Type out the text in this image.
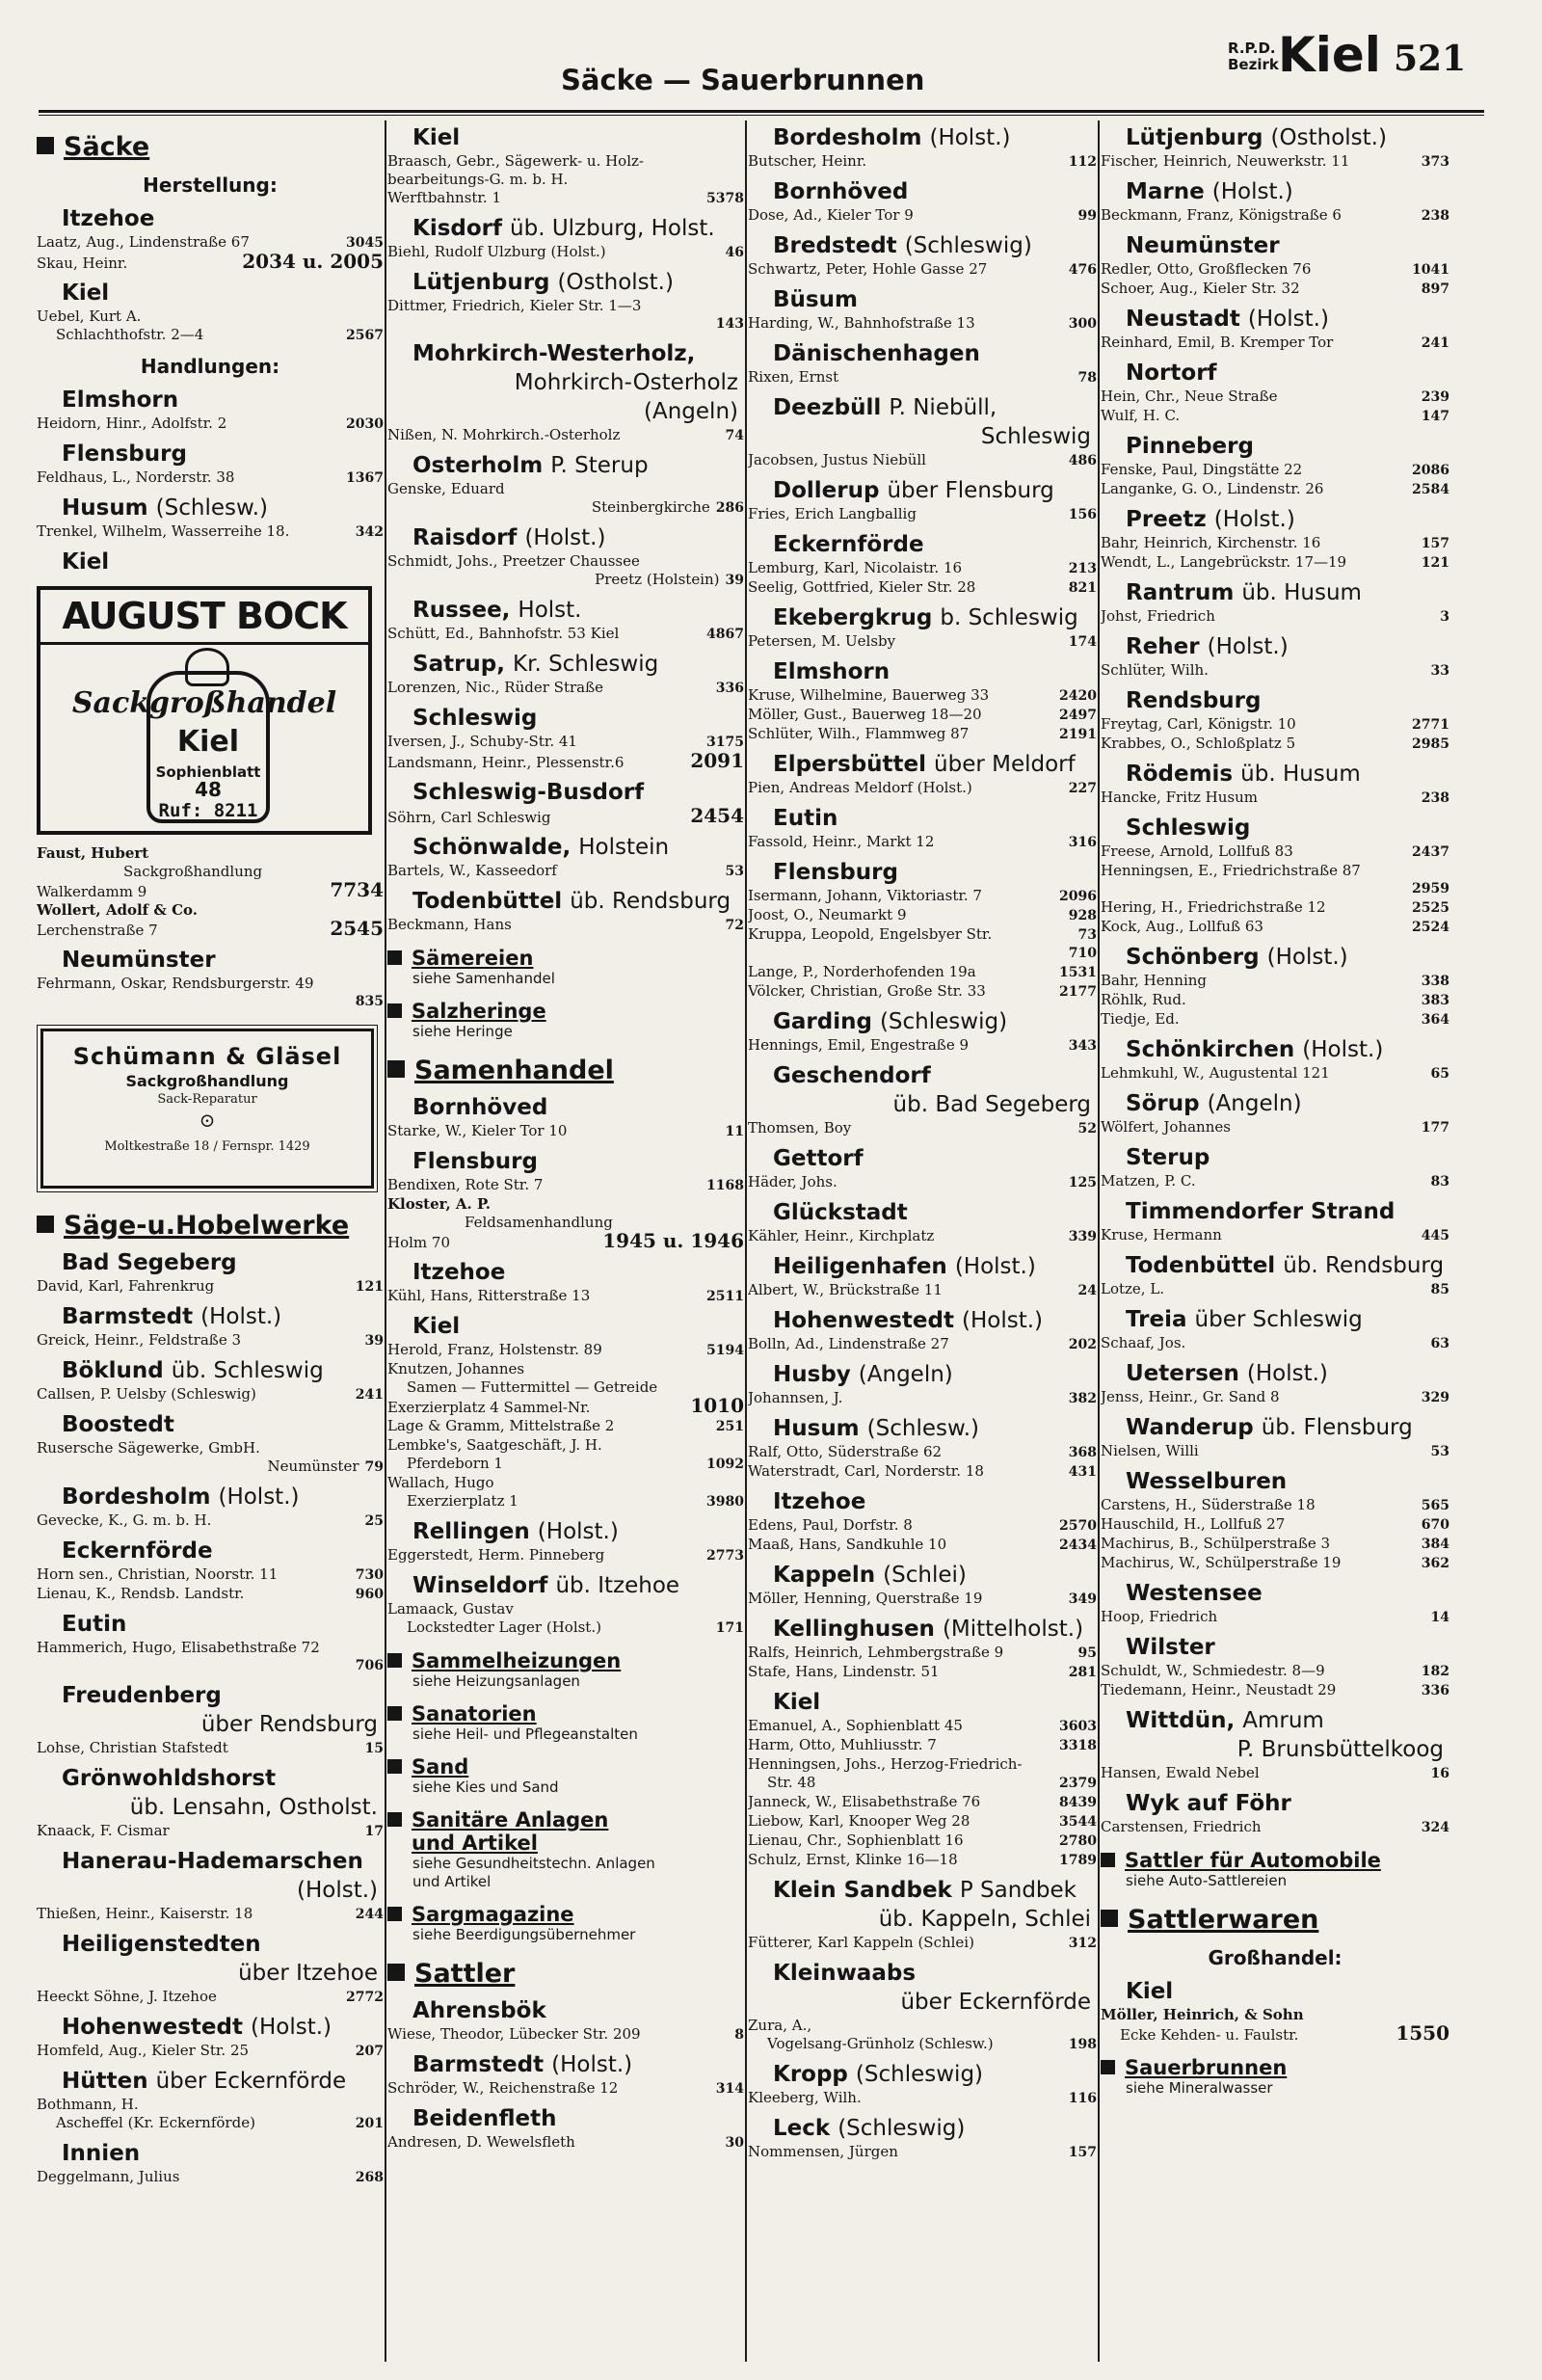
Säcke — Sauerbrunnen
R.P.D.
Bezirk Kiel 521
Säcke
Herstellung:
Itzehoe
Laatz, Aug., Lindenstraße 67	3045
Skau, Heinr.	2034 u. 2005
Kiel
Uebel, Kurt A.
Schlachthofstr. 2—4	2567
Handlungen:
Elmshorn
Heidorn, Hinr., Adolfstr. 2	2030
Flensburg
Feldhaus, L., Norderstr. 38	1367
Husum (Schlesw.)
Trenkel, Wilhelm, Wasserreihe 18.	342
Kiel
AUGUST BOCK
Sackgroßhandel
Kiel
Sophienblatt
48
Ruf: 8211
Faust, Hubert
Sackgroßhandlung
Walkerdamm 9	7734
Wollert, Adolf & Co.
Lerchenstraße 7	2545
Neumünster
Fehrmann, Oskar, Rendsburgerstr. 49
835
Schümann & Gläsel
Sackgroßhandlung
Sack-Reparatur
⊙
Moltkestraße 18 / Fernspr. 1429
Säge-u.Hobelwerke
Bad Segeberg
David, Karl, Fahrenkrug	121
Barmstedt (Holst.)
Greick, Heinr., Feldstraße 3	39
Böklund üb. Schleswig
Callsen, P. Uelsby (Schleswig)	241
Boostedt
Rusersche Sägewerke, GmbH.
Neumünster 79
Bordesholm (Holst.)
Gevecke, K., G. m. b. H.	25
Eckernförde
Horn sen., Christian, Noorstr. 11	730
Lienau, K., Rendsb. Landstr.	960
Eutin
Hammerich, Hugo, Elisabethstraße 72
706
Freudenberg
über Rendsburg
Lohse, Christian Stafstedt	15
Grönwohldshorst
üb. Lensahn, Ostholst.
Knaack, F. Cismar	17
Hanerau-Hademarschen
(Holst.)
Thießen, Heinr., Kaiserstr. 18	244
Heiligenstedten
über Itzehoe
Heeckt Söhne, J. Itzehoe	2772
Hohenwestedt (Holst.)
Homfeld, Aug., Kieler Str. 25	207
Hütten über Eckernförde
Bothmann, H.
Ascheffel (Kr. Eckernförde)	201
Innien
Deggelmann, Julius	268
Kiel
Braasch, Gebr., Sägewerk- u. Holz-
bearbeitungs-G. m. b. H.
Werftbahnstr. 1	5378
Kisdorf üb. Ulzburg, Holst.
Biehl, Rudolf Ulzburg (Holst.)	46
Lütjenburg (Ostholst.)
Dittmer, Friedrich, Kieler Str. 1—3
143
Mohrkirch-Westerholz,
Mohrkirch-Osterholz
(Angeln)
Nißen, N. Mohrkirch.-Osterholz	74
Osterholm P. Sterup
Genske, Eduard
Steinbergkirche 286
Raisdorf (Holst.)
Schmidt, Johs., Preetzer Chaussee
Preetz (Holstein) 39
Russee, Holst.
Schütt, Ed., Bahnhofstr. 53 Kiel	4867
Satrup, Kr. Schleswig
Lorenzen, Nic., Rüder Straße	336
Schleswig
Iversen, J., Schuby-Str. 41	3175
Landsmann, Heinr., Plessenstr.6	2091
Schleswig-Busdorf
Söhrn, Carl Schleswig	2454
Schönwalde, Holstein
Bartels, W., Kasseedorf	53
Todenbüttel üb. Rendsburg
Beckmann, Hans	72
Sämereien
siehe Samenhandel
Salzheringe
siehe Heringe
Samenhandel
Bornhöved
Starke, W., Kieler Tor 10	11
Flensburg
Bendixen, Rote Str. 7	1168
Kloster, A. P.
Feldsamenhandlung
Holm 70	1945 u. 1946
Itzehoe
Kühl, Hans, Ritterstraße 13	2511
Kiel
Herold, Franz, Holstenstr. 89	5194
Knutzen, Johannes
Samen — Futtermittel — Getreide
Exerzierplatz 4 Sammel-Nr.	1010
Lage & Gramm, Mittelstraße 2	251
Lembke's, Saatgeschäft, J. H.
Pferdeborn 1	1092
Wallach, Hugo
Exerzierplatz 1	3980
Rellingen (Holst.)
Eggerstedt, Herm. Pinneberg	2773
Winseldorf üb. Itzehoe
Lamaack, Gustav
Lockstedter Lager (Holst.)	171
Sammelheizungen
siehe Heizungsanlagen
Sanatorien
siehe Heil- und Pflegeanstalten
Sand
siehe Kies und Sand
Sanitäre Anlagen
und Artikel
siehe Gesundheitstechn. Anlagen
und Artikel
Sargmagazine
siehe Beerdigungsübernehmer
Sattler
Ahrensbök
Wiese, Theodor, Lübecker Str. 209	8
Barmstedt (Holst.)
Schröder, W., Reichenstraße 12	314
Beidenfleth
Andresen, D. Wewelsfleth	30
Bordesholm (Holst.)
Butscher, Heinr.	112
Bornhöved
Dose, Ad., Kieler Tor 9	99
Bredstedt (Schleswig)
Schwartz, Peter, Hohle Gasse 27	476
Büsum
Harding, W., Bahnhofstraße 13	300
Dänischenhagen
Rixen, Ernst	78
Deezbüll P. Niebüll,
Schleswig
Jacobsen, Justus Niebüll	486
Dollerup über Flensburg
Fries, Erich Langballig	156
Eckernförde
Lemburg, Karl, Nicolaistr. 16	213
Seelig, Gottfried, Kieler Str. 28	821
Ekebergkrug b. Schleswig
Petersen, M. Uelsby	174
Elmshorn
Kruse, Wilhelmine, Bauerweg 33	2420
Möller, Gust., Bauerweg 18—20	2497
Schlüter, Wilh., Flammweg 87	2191
Elpersbüttel über Meldorf
Pien, Andreas Meldorf (Holst.)	227
Eutin
Fassold, Heinr., Markt 12	316
Flensburg
Isermann, Johann, Viktoriastr. 7	2096
Joost, O., Neumarkt 9	928
Kruppa, Leopold, Engelsbyer Str.	73
710
Lange, P., Norderhofenden 19a	1531
Völcker, Christian, Große Str. 33	2177
Garding (Schleswig)
Hennings, Emil, Engestraße 9	343
Geschendorf
üb. Bad Segeberg
Thomsen, Boy	52
Gettorf
Häder, Johs.	125
Glückstadt
Kähler, Heinr., Kirchplatz	339
Heiligenhafen (Holst.)
Albert, W., Brückstraße 11	24
Hohenwestedt (Holst.)
Bolln, Ad., Lindenstraße 27	202
Husby (Angeln)
Johannsen, J.	382
Husum (Schlesw.)
Ralf, Otto, Süderstraße 62	368
Waterstradt, Carl, Norderstr. 18	431
Itzehoe
Edens, Paul, Dorfstr. 8	2570
Maaß, Hans, Sandkuhle 10	2434
Kappeln (Schlei)
Möller, Henning, Querstraße 19	349
Kellinghusen (Mittelholst.)
Ralfs, Heinrich, Lehmbergstraße 9	95
Stafe, Hans, Lindenstr. 51	281
Kiel
Emanuel, A., Sophienblatt 45	3603
Harm, Otto, Muhliusstr. 7	3318
Henningsen, Johs., Herzog-Friedrich-
Str. 48	2379
Janneck, W., Elisabethstraße 76	8439
Liebow, Karl, Knooper Weg 28	3544
Lienau, Chr., Sophienblatt 16	2780
Schulz, Ernst, Klinke 16—18	1789
Klein Sandbek P Sandbek
üb. Kappeln, Schlei
Fütterer, Karl Kappeln (Schlei)	312
Kleinwaabs
über Eckernförde
Zura, A.,
Vogelsang-Grünholz (Schlesw.)	198
Kropp (Schleswig)
Kleeberg, Wilh.	116
Leck (Schleswig)
Nommensen, Jürgen	157
Lütjenburg (Ostholst.)
Fischer, Heinrich, Neuwerkstr. 11	373
Marne (Holst.)
Beckmann, Franz, Königstraße 6	238
Neumünster
Redler, Otto, Großflecken 76	1041
Schoer, Aug., Kieler Str. 32	897
Neustadt (Holst.)
Reinhard, Emil, B. Kremper Tor	241
Nortorf
Hein, Chr., Neue Straße	239
Wulf, H. C.	147
Pinneberg
Fenske, Paul, Dingstätte 22	2086
Langanke, G. O., Lindenstr. 26	2584
Preetz (Holst.)
Bahr, Heinrich, Kirchenstr. 16	157
Wendt, L., Langebrückstr. 17—19	121
Rantrum üb. Husum
Johst, Friedrich	3
Reher (Holst.)
Schlüter, Wilh.	33
Rendsburg
Freytag, Carl, Königstr. 10	2771
Krabbes, O., Schloßplatz 5	2985
Rödemis üb. Husum
Hancke, Fritz Husum	238
Schleswig
Freese, Arnold, Lollfuß 83	2437
Henningsen, E., Friedrichstraße 87
2959
Hering, H., Friedrichstraße 12	2525
Kock, Aug., Lollfuß 63	2524
Schönberg (Holst.)
Bahr, Henning	338
Röhlk, Rud.	383
Tiedje, Ed.	364
Schönkirchen (Holst.)
Lehmkuhl, W., Augustental 121	65
Sörup (Angeln)
Wölfert, Johannes	177
Sterup
Matzen, P. C.	83
Timmendorfer Strand
Kruse, Hermann	445
Todenbüttel üb. Rendsburg
Lotze, L.	85
Treia über Schleswig
Schaaf, Jos.	63
Uetersen (Holst.)
Jenss, Heinr., Gr. Sand 8	329
Wanderup üb. Flensburg
Nielsen, Willi	53
Wesselburen
Carstens, H., Süderstraße 18	565
Hauschild, H., Lollfuß 27	670
Machirus, B., Schülperstraße 3	384
Machirus, W., Schülperstraße 19	362
Westensee
Hoop, Friedrich	14
Wilster
Schuldt, W., Schmiedestr. 8—9	182
Tiedemann, Heinr., Neustadt 29	336
Wittdün, Amrum
P. Brunsbüttelkoog
Hansen, Ewald Nebel	16
Wyk auf Föhr
Carstensen, Friedrich	324
Sattler für Automobile
siehe Auto-Sattlereien
Sattlerwaren
Großhandel:
Kiel
Möller, Heinrich, & Sohn
Ecke Kehden- u. Faulstr.	1550
Sauerbrunnen
siehe Mineralwasser
